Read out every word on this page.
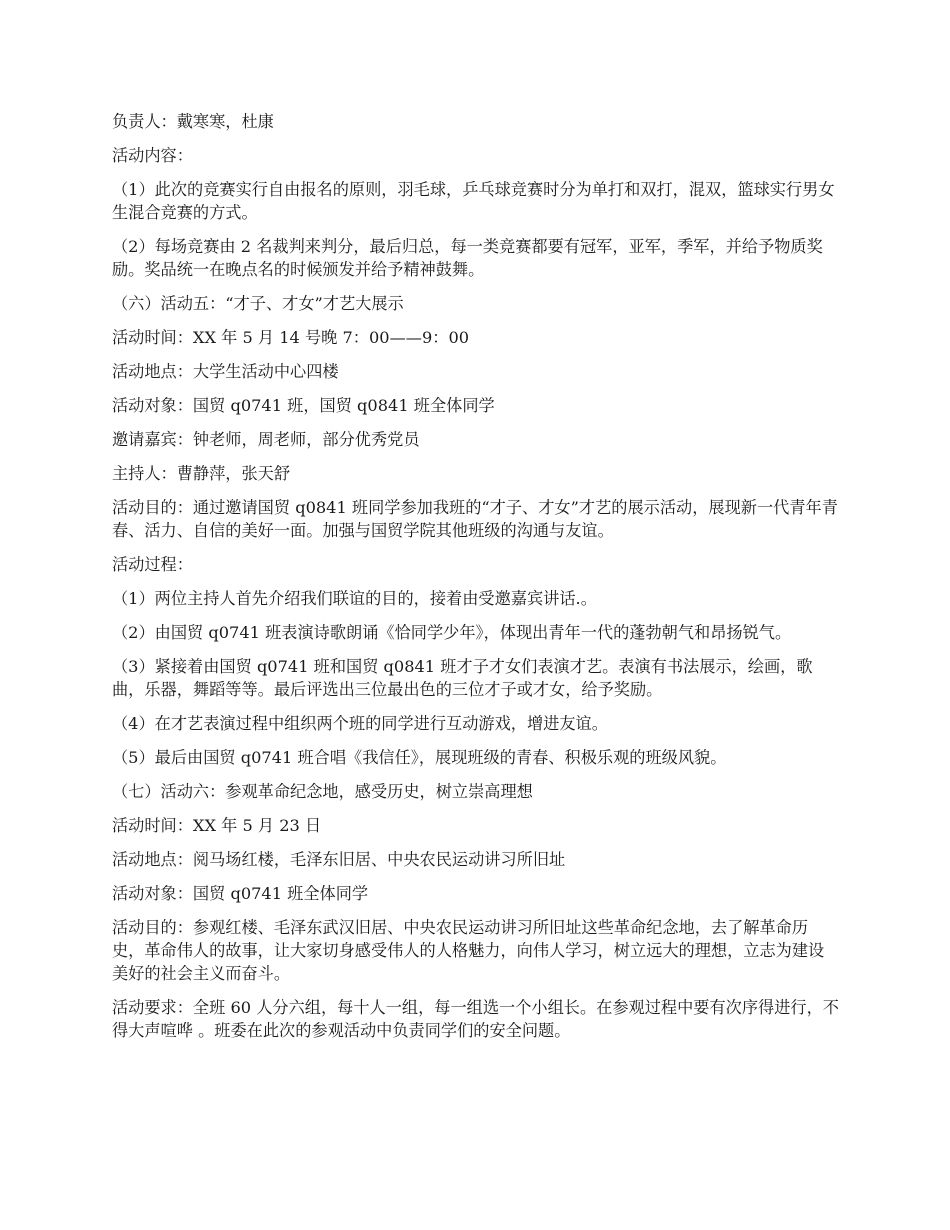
负责人：戴寒寒，杜康

活动内容：

（1）此次的竞赛实行自由报名的原则，羽毛球，乒乓球竞赛时分为单打和双打，混双，篮球实行男女生混合竞赛的方式。

（2）每场竞赛由 2 名裁判来判分，最后归总，每一类竞赛都要有冠军，亚军，季军，并给予物质奖励。奖品统一在晚点名的时候颁发并给予精神鼓舞。

（六）活动五：“才子、才女”才艺大展示

活动时间：XX 年 5 月 14 号晚 7：00——9：00

活动地点：大学生活动中心四楼

活动对象：国贸 q0741 班，国贸 q0841 班全体同学

邀请嘉宾：钟老师，周老师，部分优秀党员

主持人：曹静萍，张天舒

活动目的：通过邀请国贸 q0841 班同学参加我班的“才子、才女”才艺的展示活动，展现新一代青年青春、活力、自信的美好一面。加强与国贸学院其他班级的沟通与友谊。

活动过程：

（1）两位主持人首先介绍我们联谊的目的，接着由受邀嘉宾讲话.。

（2）由国贸 q0741 班表演诗歌朗诵《恰同学少年》，体现出青年一代的蓬勃朝气和昂扬锐气。

（3）紧接着由国贸 q0741 班和国贸 q0841 班才子才女们表演才艺。表演有书法展示，绘画，歌曲，乐器，舞蹈等等。最后评选出三位最出色的三位才子或才女，给予奖励。

（4）在才艺表演过程中组织两个班的同学进行互动游戏，增进友谊。

（5）最后由国贸 q0741 班合唱《我信任》，展现班级的青春、积极乐观的班级风貌。

（七）活动六：参观革命纪念地，感受历史，树立崇高理想

活动时间：XX 年 5 月 23 日

活动地点：阅马场红楼，毛泽东旧居、中央农民运动讲习所旧址

活动对象：国贸 q0741 班全体同学

活动目的：参观红楼、毛泽东武汉旧居、中央农民运动讲习所旧址这些革命纪念地，去了解革命历史，革命伟人的故事，让大家切身感受伟人的人格魅力，向伟人学习，树立远大的理想，立志为建设美好的社会主义而奋斗。

活动要求：全班 60 人分六组，每十人一组，每一组选一个小组长。在参观过程中要有次序得进行，不得大声喧哗 。班委在此次的参观活动中负责同学们的安全问题。
